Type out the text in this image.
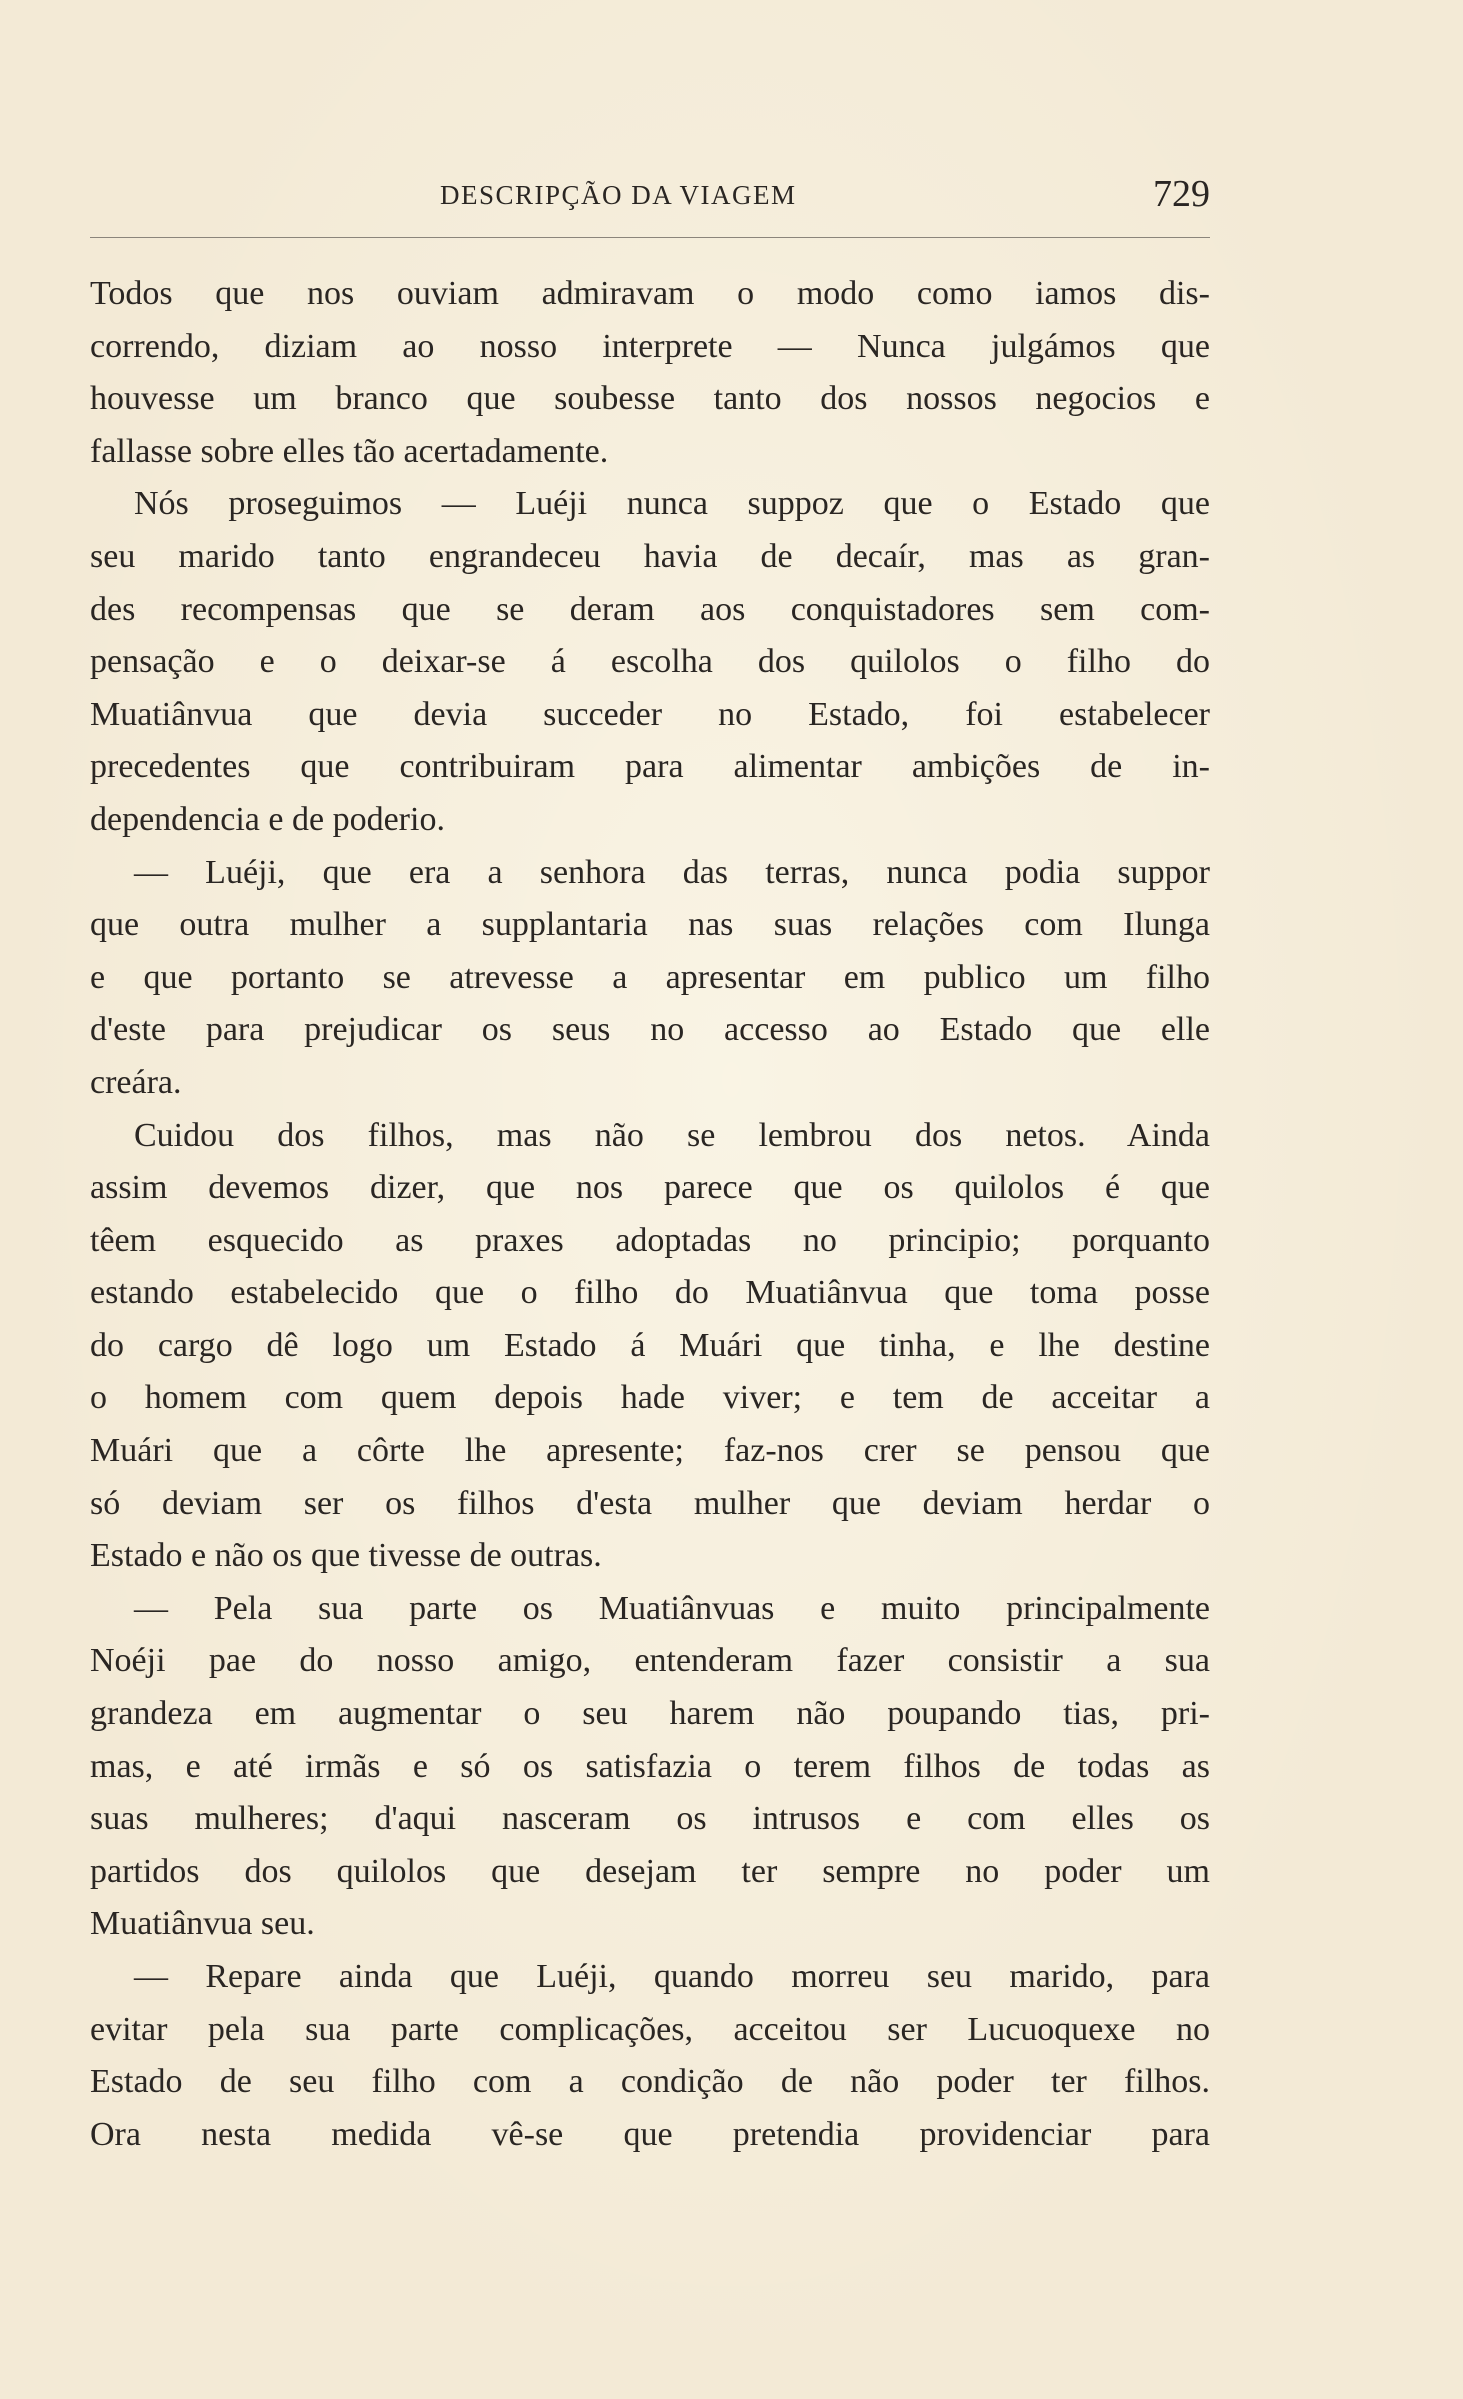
DESCRIPÇÃO DA VIAGEM	729
Todos que nos ouviam admiravam o modo como iamos dis-
correndo, diziam ao nosso interprete — Nunca julgámos que
houvesse um branco que soubesse tanto dos nossos negocios e
fallasse sobre elles tão acertadamente.
Nós proseguimos — Luéji nunca suppoz que o Estado que
seu marido tanto engrandeceu havia de decaír, mas as gran-
des recompensas que se deram aos conquistadores sem com-
pensação e o deixar-se á escolha dos quilolos o filho do
Muatiânvua que devia succeder no Estado, foi estabelecer
precedentes que contribuiram para alimentar ambições de in-
dependencia e de poderio.
— Luéji, que era a senhora das terras, nunca podia suppor
que outra mulher a supplantaria nas suas relações com Ilunga
e que portanto se atrevesse a apresentar em publico um filho
d'este para prejudicar os seus no accesso ao Estado que elle
creára.
Cuidou dos filhos, mas não se lembrou dos netos. Ainda
assim devemos dizer, que nos parece que os quilolos é que
têem esquecido as praxes adoptadas no principio; porquanto
estando estabelecido que o filho do Muatiânvua que toma posse
do cargo dê logo um Estado á Muári que tinha, e lhe destine
o homem com quem depois hade viver; e tem de acceitar a
Muári que a côrte lhe apresente; faz-nos crer se pensou que
só deviam ser os filhos d'esta mulher que deviam herdar o
Estado e não os que tivesse de outras.
— Pela sua parte os Muatiânvuas e muito principalmente
Noéji pae do nosso amigo, entenderam fazer consistir a sua
grandeza em augmentar o seu harem não poupando tias, pri-
mas, e até irmãs e só os satisfazia o terem filhos de todas as
suas mulheres; d'aqui nasceram os intrusos e com elles os
partidos dos quilolos que desejam ter sempre no poder um
Muatiânvua seu.
— Repare ainda que Luéji, quando morreu seu marido, para
evitar pela sua parte complicações, acceitou ser Lucuoquexe no
Estado de seu filho com a condição de não poder ter filhos.
Ora nesta medida vê-se que pretendia providenciar para
